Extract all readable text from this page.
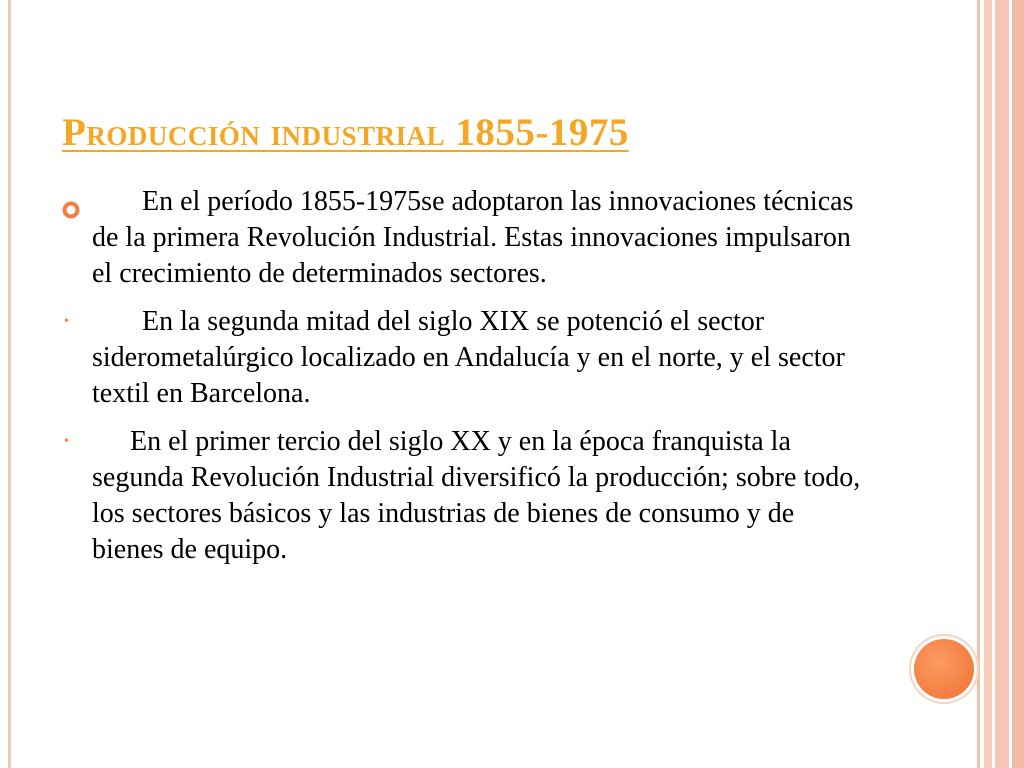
Producción industrial 1855-1975
En el período 1855-1975se adoptaron las innovaciones técnicas de la primera Revolución Industrial. Estas innovaciones impulsaron el crecimiento de determinados sectores.
•	En la segunda mitad del siglo XIX se potenció el sector siderometalúrgico localizado en Andalucía y en el norte, y el sector textil en Barcelona.
• En el primer tercio del siglo XX y en la época franquista la segunda Revolución Industrial diversificó la producción; sobre todo, los sectores básicos y las industrias de bienes de consumo y de bienes de equipo.
